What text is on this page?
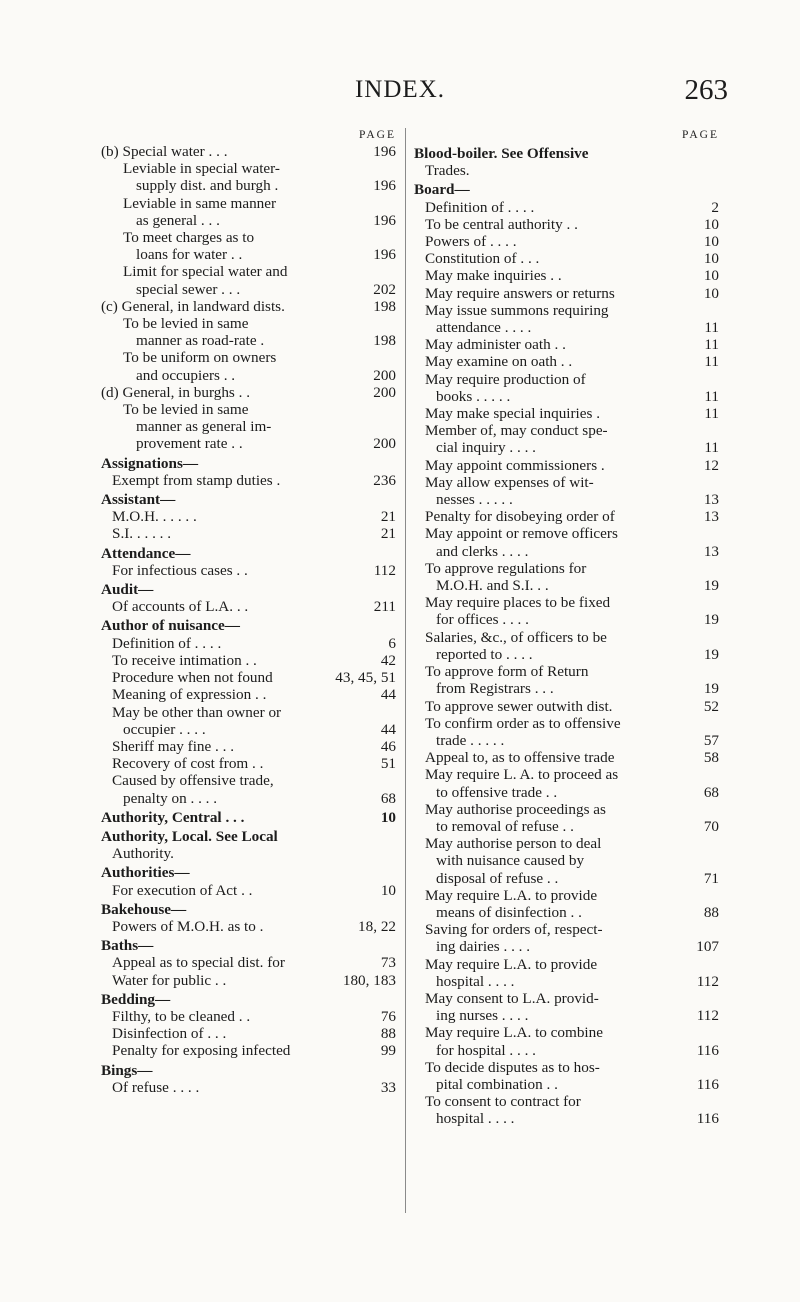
INDEX.	263
PAGE
(b) Special water . . .	196
Leviable in special water-
supply dist. and burgh .	196
Leviable in same manner
as general . . .	196
To meet charges as to
loans for water . .	196
Limit for special water and
special sewer . . .	202
(c) General, in landward dists.	198
To be levied in same
manner as road-rate .	198
To be uniform on owners
and occupiers . .	200
(d) General, in burghs . .	200
To be levied in same
manner as general im-
provement rate . .	200
Assignations—
Exempt from stamp duties .	236
Assistant—
M.O.H. . . . . .	21
S.I. . . . . .	21
Attendance—
For infectious cases . .	112
Audit—
Of accounts of L.A. . .	211
Author of nuisance—
Definition of . . . .	6
To receive intimation . .	42
Procedure when not found	43, 45, 51
Meaning of expression . .	44
May be other than owner or
occupier . . . .	44
Sheriff may fine . . .	46
Recovery of cost from . .	51
Caused by offensive trade,
penalty on . . . .	68
Authority, Central . . .	10
Authority, Local. See Local
Authority.
Authorities—
For execution of Act . .	10
Bakehouse—
Powers of M.O.H. as to .	18, 22
Baths—
Appeal as to special dist. for	73
Water for public . .	180, 183
Bedding—
Filthy, to be cleaned . .	76
Disinfection of . . .	88
Penalty for exposing infected	99
Bings—
Of refuse . . . .	33
PAGE
Blood-boiler. See Offensive
Trades.
Board—
Definition of . . . .	2
To be central authority . .	10
Powers of . . . .	10
Constitution of . . .	10
May make inquiries . .	10
May require answers or returns	10
May issue summons requiring
attendance . . . .	11
May administer oath . .	11
May examine on oath . .	11
May require production of
books . . . . .	11
May make special inquiries .	11
Member of, may conduct spe-
cial inquiry . . . .	11
May appoint commissioners .	12
May allow expenses of wit-
nesses . . . . .	13
Penalty for disobeying order of	13
May appoint or remove officers
and clerks . . . .	13
To approve regulations for
M.O.H. and S.I. . .	19
May require places to be fixed
for offices . . . .	19
Salaries, &c., of officers to be
reported to . . . .	19
To approve form of Return
from Registrars . . .	19
To approve sewer outwith dist.	52
To confirm order as to offensive
trade . . . . .	57
Appeal to, as to offensive trade	58
May require L. A. to proceed as
to offensive trade . .	68
May authorise proceedings as
to removal of refuse . .	70
May authorise person to deal
with nuisance caused by
disposal of refuse . .	71
May require L.A. to provide
means of disinfection . .	88
Saving for orders of, respect-
ing dairies . . . .	107
May require L.A. to provide
hospital . . . .	112
May consent to L.A. provid-
ing nurses . . . .	112
May require L.A. to combine
for hospital . . . .	116
To decide disputes as to hos-
pital combination . .	116
To consent to contract for
hospital . . . .	116
